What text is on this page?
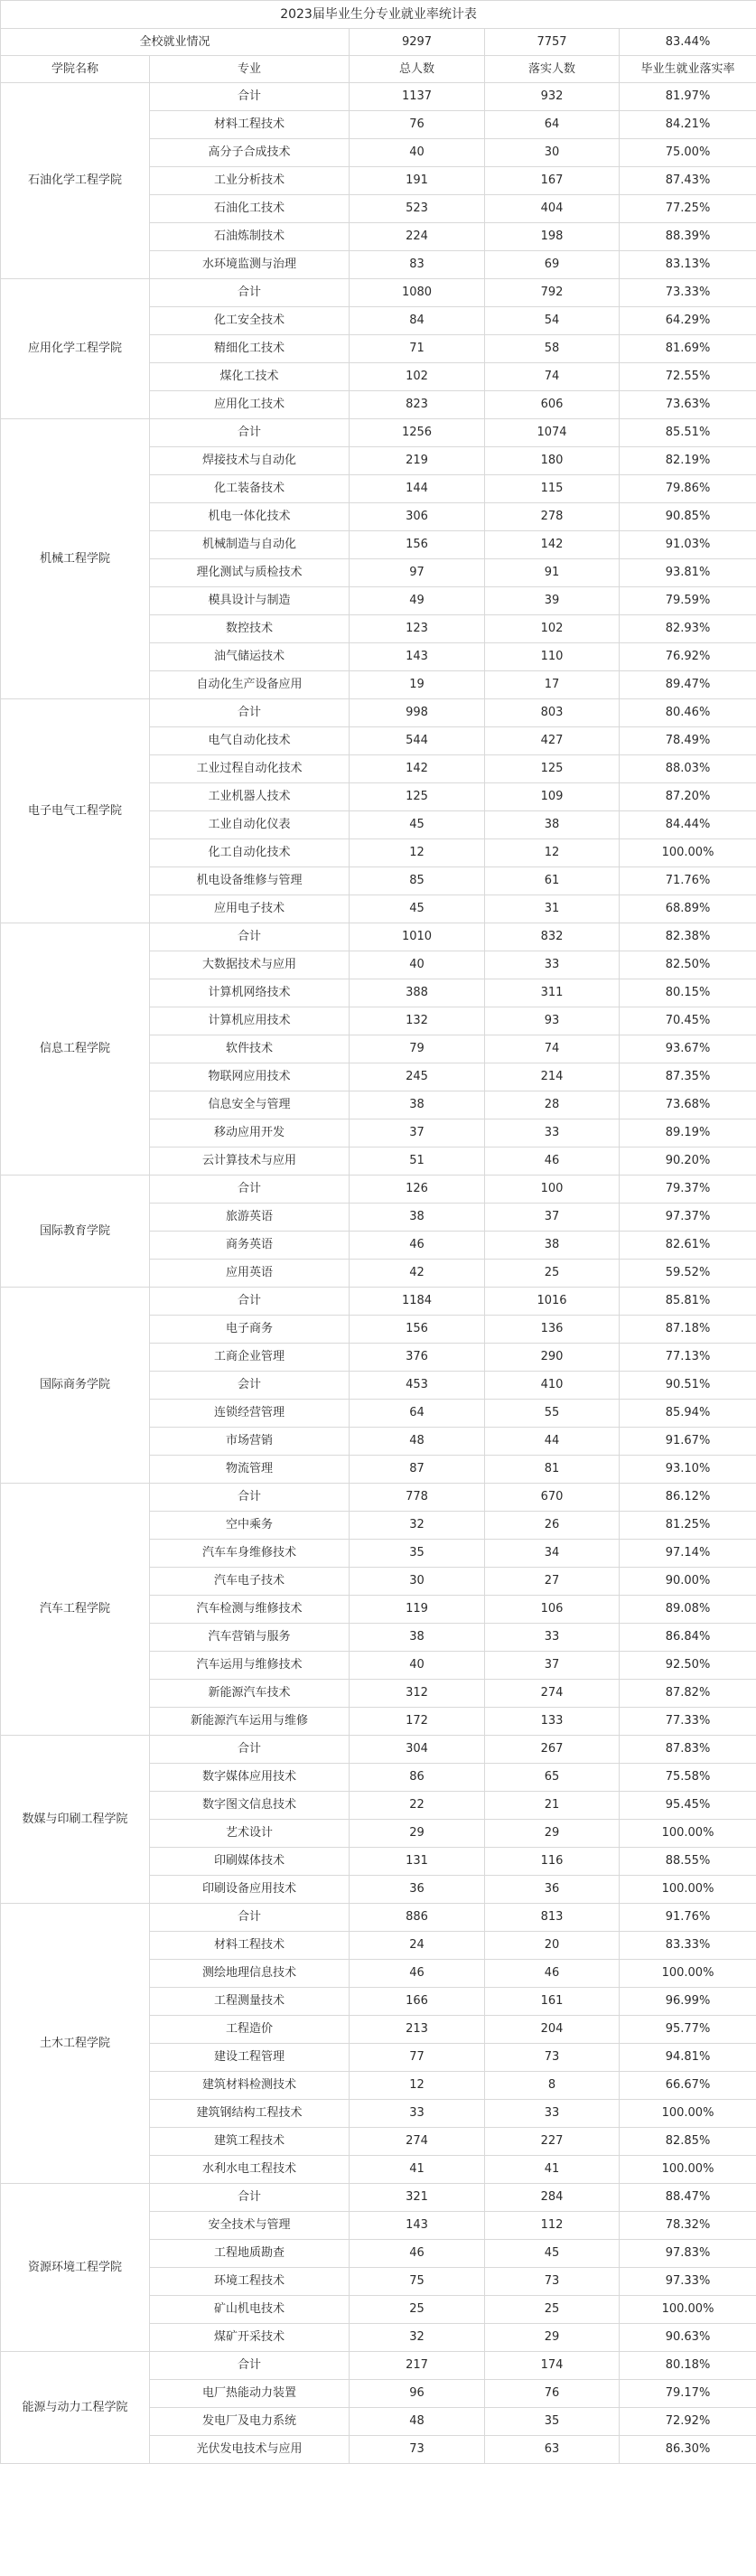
2023届毕业生分专业就业率统计表				
全校就业情况		9297	7757	83.44%
学院名称	专业	总人数	落实人数	毕业生就业落实率
石油化学工程学院	合计	1137	932	81.97%
	材料工程技术	76	64	84.21%
	高分子合成技术	40	30	75.00%
	工业分析技术	191	167	87.43%
	石油化工技术	523	404	77.25%
	石油炼制技术	224	198	88.39%
	水环境监测与治理	83	69	83.13%
应用化学工程学院	合计	1080	792	73.33%
	化工安全技术	84	54	64.29%
	精细化工技术	71	58	81.69%
	煤化工技术	102	74	72.55%
	应用化工技术	823	606	73.63%
机械工程学院	合计	1256	1074	85.51%
	焊接技术与自动化	219	180	82.19%
	化工装备技术	144	115	79.86%
	机电一体化技术	306	278	90.85%
	机械制造与自动化	156	142	91.03%
	理化测试与质检技术	97	91	93.81%
	模具设计与制造	49	39	79.59%
	数控技术	123	102	82.93%
	油气储运技术	143	110	76.92%
	自动化生产设备应用	19	17	89.47%
电子电气工程学院	合计	998	803	80.46%
	电气自动化技术	544	427	78.49%
	工业过程自动化技术	142	125	88.03%
	工业机器人技术	125	109	87.20%
	工业自动化仪表	45	38	84.44%
	化工自动化技术	12	12	100.00%
	机电设备维修与管理	85	61	71.76%
	应用电子技术	45	31	68.89%
信息工程学院	合计	1010	832	82.38%
	大数据技术与应用	40	33	82.50%
	计算机网络技术	388	311	80.15%
	计算机应用技术	132	93	70.45%
	软件技术	79	74	93.67%
	物联网应用技术	245	214	87.35%
	信息安全与管理	38	28	73.68%
	移动应用开发	37	33	89.19%
	云计算技术与应用	51	46	90.20%
国际教育学院	合计	126	100	79.37%
	旅游英语	38	37	97.37%
	商务英语	46	38	82.61%
	应用英语	42	25	59.52%
国际商务学院	合计	1184	1016	85.81%
	电子商务	156	136	87.18%
	工商企业管理	376	290	77.13%
	会计	453	410	90.51%
	连锁经营管理	64	55	85.94%
	市场营销	48	44	91.67%
	物流管理	87	81	93.10%
汽车工程学院	合计	778	670	86.12%
	空中乘务	32	26	81.25%
	汽车车身维修技术	35	34	97.14%
	汽车电子技术	30	27	90.00%
	汽车检测与维修技术	119	106	89.08%
	汽车营销与服务	38	33	86.84%
	汽车运用与维修技术	40	37	92.50%
	新能源汽车技术	312	274	87.82%
	新能源汽车运用与维修	172	133	77.33%
数媒与印刷工程学院	合计	304	267	87.83%
	数字媒体应用技术	86	65	75.58%
	数字图文信息技术	22	21	95.45%
	艺术设计	29	29	100.00%
	印刷媒体技术	131	116	88.55%
	印刷设备应用技术	36	36	100.00%
土木工程学院	合计	886	813	91.76%
	材料工程技术	24	20	83.33%
	测绘地理信息技术	46	46	100.00%
	工程测量技术	166	161	96.99%
	工程造价	213	204	95.77%
	建设工程管理	77	73	94.81%
	建筑材料检测技术	12	8	66.67%
	建筑钢结构工程技术	33	33	100.00%
	建筑工程技术	274	227	82.85%
	水利水电工程技术	41	41	100.00%
资源环境工程学院	合计	321	284	88.47%
	安全技术与管理	143	112	78.32%
	工程地质勘查	46	45	97.83%
	环境工程技术	75	73	97.33%
	矿山机电技术	25	25	100.00%
	煤矿开采技术	32	29	90.63%
能源与动力工程学院	合计	217	174	80.18%
	电厂热能动力装置	96	76	79.17%
	发电厂及电力系统	48	35	72.92%
	光伏发电技术与应用	73	63	86.30%
